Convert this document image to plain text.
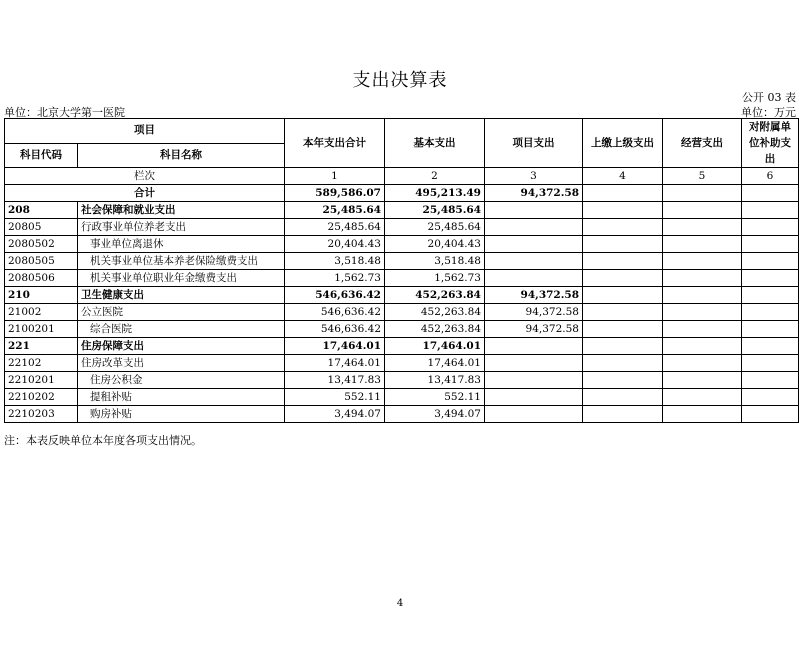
支出决算表
公开 03 表
单位：北京大学第一医院	单位：万元
项目		本年支出合计	基本支出	项目支出	上缴上级支出	经营支出	对附属单位补助支出
科目代码	科目名称						
栏次		1	2	3	4	5	6
合计		589,586.07	495,213.49	94,372.58			
208	社会保障和就业支出	25,485.64	25,485.64				
20805	行政事业单位养老支出	25,485.64	25,485.64				
2080502	事业单位离退休	20,404.43	20,404.43				
2080505	机关事业单位基本养老保险缴费支出	3,518.48	3,518.48				
2080506	机关事业单位职业年金缴费支出	1,562.73	1,562.73				
210	卫生健康支出	546,636.42	452,263.84	94,372.58			
21002	公立医院	546,636.42	452,263.84	94,372.58			
2100201	综合医院	546,636.42	452,263.84	94,372.58			
221	住房保障支出	17,464.01	17,464.01				
22102	住房改革支出	17,464.01	17,464.01				
2210201	住房公积金	13,417.83	13,417.83				
2210202	提租补贴	552.11	552.11				
2210203	购房补贴	3,494.07	3,494.07				
注：本表反映单位本年度各项支出情况。
4
